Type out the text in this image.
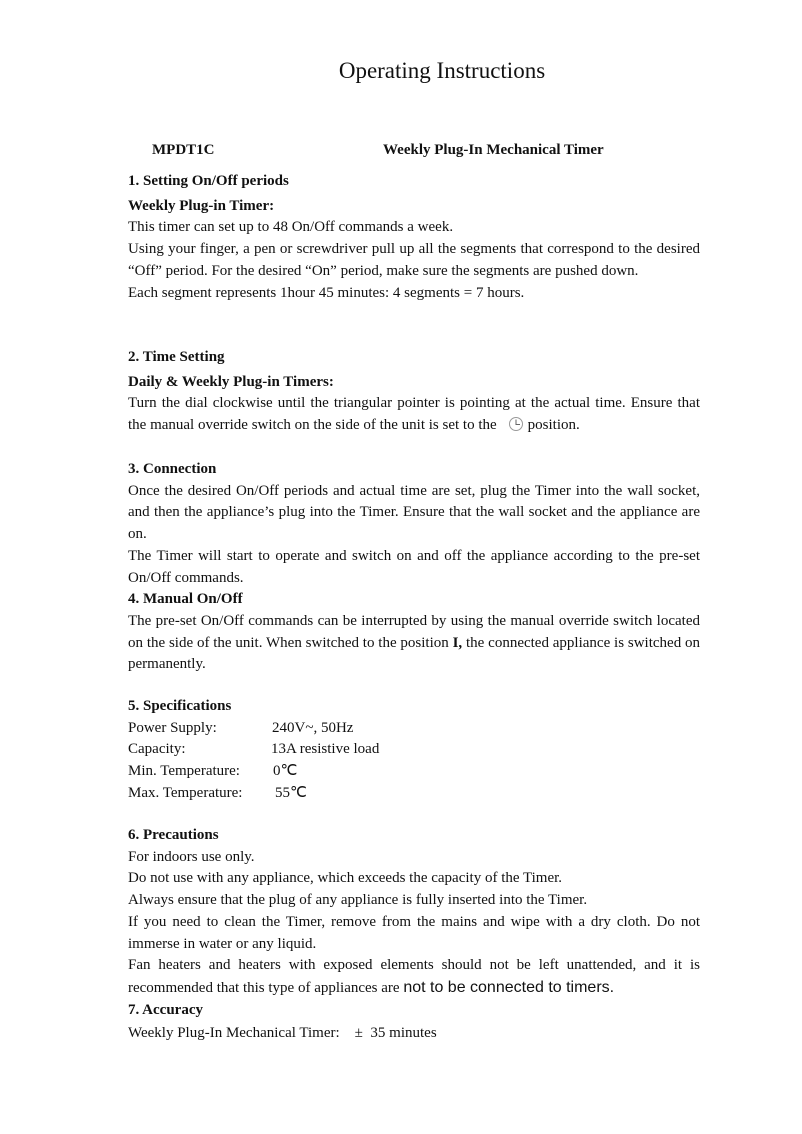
Operating Instructions
MPDT1C	Weekly Plug-In Mechanical Timer

1. Setting On/Off periods

Weekly Plug-in Timer:

This timer can set up to 48 On/Off commands a week.

Using your finger, a pen or screwdriver pull up all the segments that correspond to the desired “Off” period. For the desired “On” period, make sure the segments are pushed down.

Each segment represents 1hour 45 minutes: 4 segments = 7 hours.

2. Time Setting

Daily & Weekly Plug-in Timers:

Turn the dial clockwise until the triangular pointer is pointing at the actual time. Ensure that the manual override switch on the side of the unit is set to the position.

3. Connection

Once the desired On/Off periods and actual time are set, plug the Timer into the wall socket, and then the appliance’s plug into the Timer. Ensure that the wall socket and the appliance are on.

The Timer will start to operate and switch on and off the appliance according to the pre-set On/Off commands.

4. Manual On/Off

The pre-set On/Off commands can be interrupted by using the manual override switch located on the side of the unit. When switched to the position I, the connected appliance is switched on permanently.

5. Specifications

Power Supply:	240V~, 50Hz

Capacity:	13A resistive load

Min. Temperature:	0℃

Max. Temperature:	55℃

6. Precautions

For indoors use only.

Do not use with any appliance, which exceeds the capacity of the Timer.

Always ensure that the plug of any appliance is fully inserted into the Timer.

If you need to clean the Timer, remove from the mains and wipe with a dry cloth. Do not immerse in water or any liquid.

Fan heaters and heaters with exposed elements should not be left unattended, and it is recommended that this type of appliances are not to be connected to timers.

7. Accuracy

Weekly Plug-In Mechanical Timer: ±  35 minutes
